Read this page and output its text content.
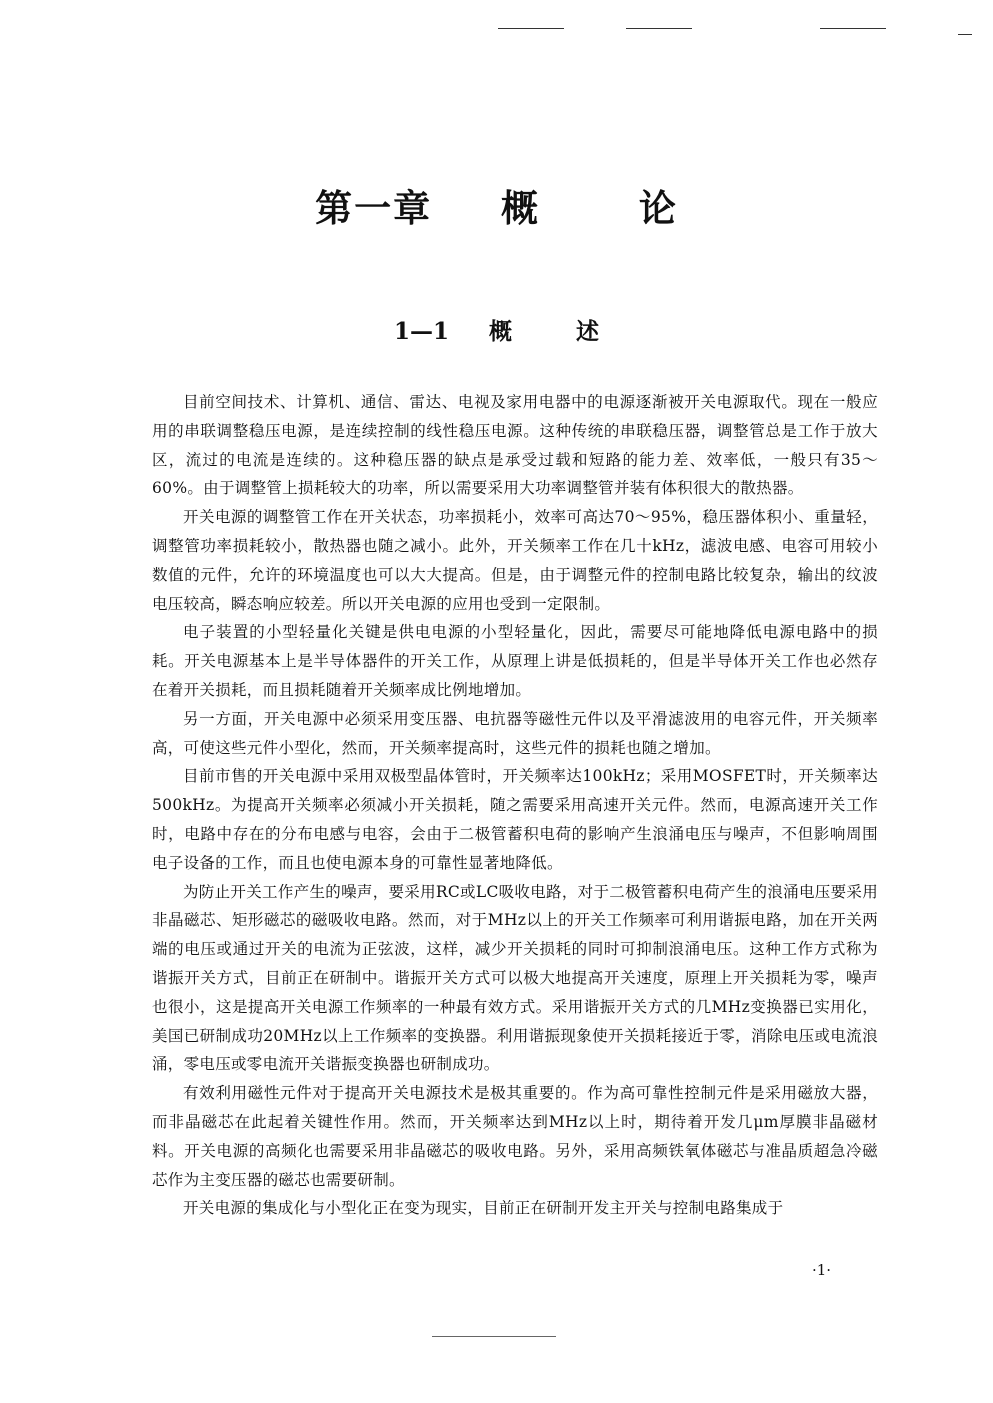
第一章 概	论
1—1 概	述

目前空间技术、计算机、通信、雷达、电视及家用电器中的电源逐渐被开关电源取代。现在一般应用的串联调整稳压电源，是连续控制的线性稳压电源。这种传统的串联稳压器，调整管总是工作于放大区，流过的电流是连续的。这种稳压器的缺点是承受过载和短路的能力差、效率低，一般只有35～60%。由于调整管上损耗较大的功率，所以需要采用大功率调整管并装有体积很大的散热器。

开关电源的调整管工作在开关状态，功率损耗小，效率可高达70～95%，稳压器体积小、重量轻，调整管功率损耗较小，散热器也随之减小。此外，开关频率工作在几十kHz，滤波电感、电容可用较小数值的元件，允许的环境温度也可以大大提高。但是，由于调整元件的控制电路比较复杂，输出的纹波电压较高，瞬态响应较差。所以开关电源的应用也受到一定限制。

电子装置的小型轻量化关键是供电电源的小型轻量化，因此，需要尽可能地降低电源电路中的损耗。开关电源基本上是半导体器件的开关工作，从原理上讲是低损耗的，但是半导体开关工作也必然存在着开关损耗，而且损耗随着开关频率成比例地增加。

另一方面，开关电源中必须采用变压器、电抗器等磁性元件以及平滑滤波用的电容元件，开关频率高，可使这些元件小型化，然而，开关频率提高时，这些元件的损耗也随之增加。

目前市售的开关电源中采用双极型晶体管时，开关频率达100kHz；采用MOSFET时，开关频率达500kHz。为提高开关频率必须减小开关损耗，随之需要采用高速开关元件。然而，电源高速开关工作时，电路中存在的分布电感与电容，会由于二极管蓄积电荷的影响产生浪涌电压与噪声，不但影响周围电子设备的工作，而且也使电源本身的可靠性显著地降低。

为防止开关工作产生的噪声，要采用RC或LC吸收电路，对于二极管蓄积电荷产生的浪涌电压要采用非晶磁芯、矩形磁芯的磁吸收电路。然而，对于MHz以上的开关工作频率可利用谐振电路，加在开关两端的电压或通过开关的电流为正弦波，这样，减少开关损耗的同时可抑制浪涌电压。这种工作方式称为谐振开关方式，目前正在研制中。谐振开关方式可以极大地提高开关速度，原理上开关损耗为零，噪声也很小，这是提高开关电源工作频率的一种最有效方式。采用谐振开关方式的几MHz变换器已实用化，美国已研制成功20MHz以上工作频率的变换器。利用谐振现象使开关损耗接近于零，消除电压或电流浪涌，零电压或零电流开关谐振变换器也研制成功。

有效利用磁性元件对于提高开关电源技术是极其重要的。作为高可靠性控制元件是采用磁放大器，而非晶磁芯在此起着关键性作用。然而，开关频率达到MHz以上时，期待着开发几μm厚膜非晶磁材料。开关电源的高频化也需要采用非晶磁芯的吸收电路。另外，采用高频铁氧体磁芯与准晶质超急冷磁芯作为主变压器的磁芯也需要研制。

开关电源的集成化与小型化正在变为现实，目前正在研制开发主开关与控制电路集成于

·1·
